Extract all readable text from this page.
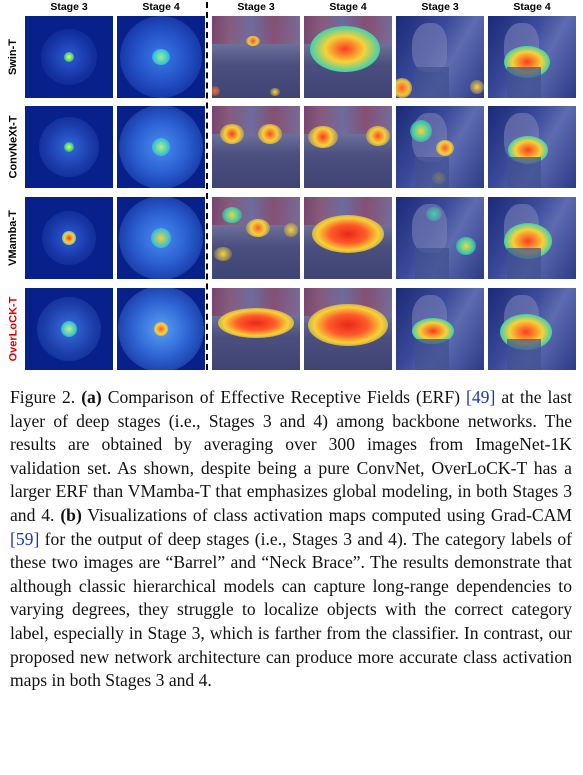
Stage 3	Stage 4	Stage 3	Stage 4	Stage 3	Stage 4
Swin-T
ConvNeXt-T
VMamba-T
OverLoCK-T
Figure 2. (a) Comparison of Effective Receptive Fields (ERF) [49] at the last layer of deep stages (i.e., Stages 3 and 4) among backbone networks. The results are obtained by averaging over 300 images from ImageNet-1K validation set. As shown, despite being a pure ConvNet, OverLoCK-T has a larger ERF than VMamba-T that emphasizes global modeling, in both Stages 3 and 4. (b) Visualizations of class activation maps computed using Grad-CAM [59] for the output of deep stages (i.e., Stages 3 and 4). The category labels of these two images are “Barrel” and “Neck Brace”. The results demonstrate that although classic hierarchical models can capture long-range dependencies to varying degrees, they struggle to localize objects with the correct category label, especially in Stage 3, which is farther from the classifier. In contrast, our proposed new network architecture can produce more accurate class activation maps in both Stages 3 and 4.
